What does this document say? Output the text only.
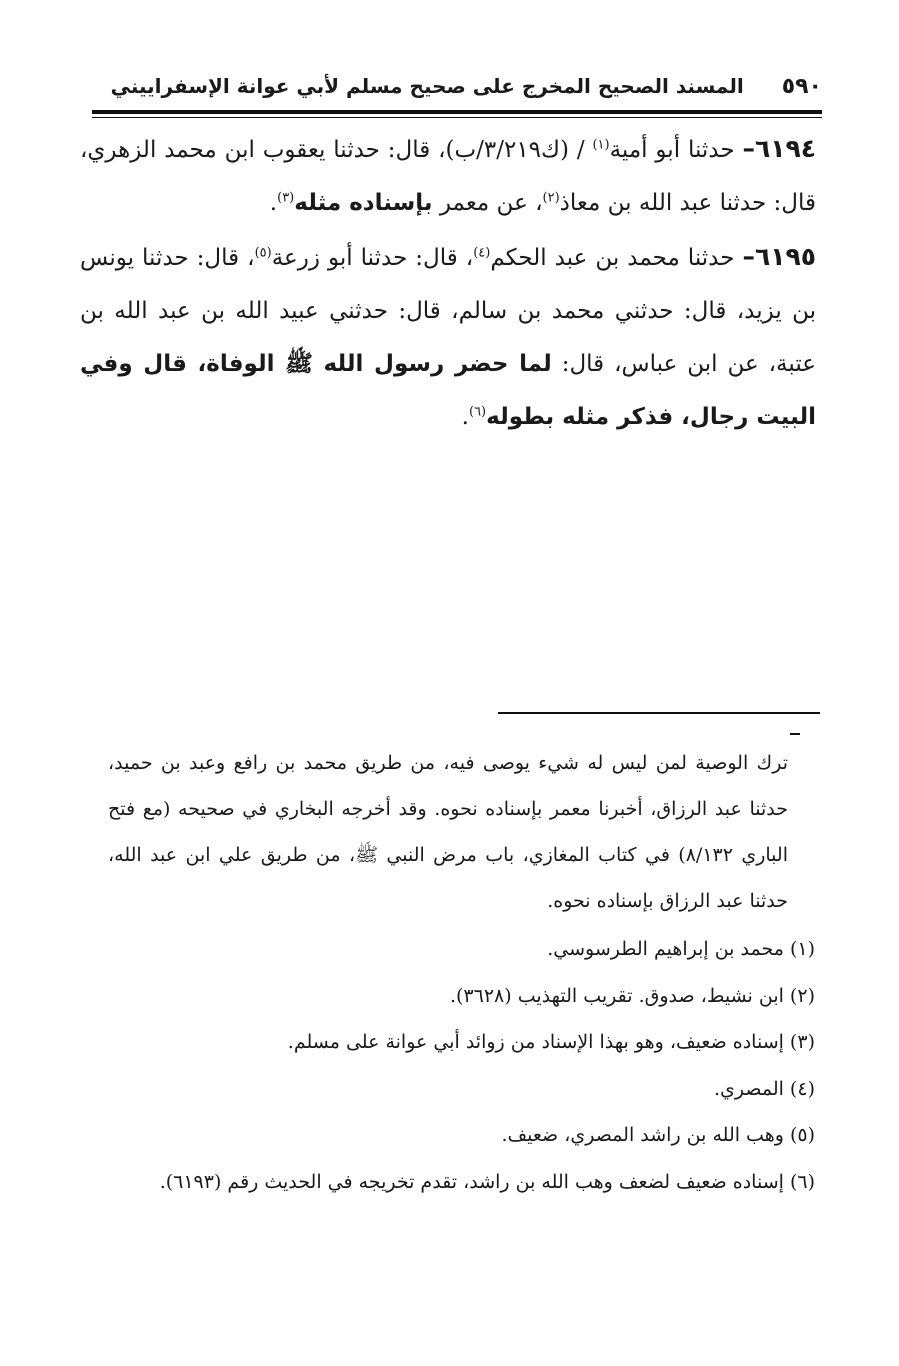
٥٩٠
المسند الصحيح المخرج على صحيح مسلم لأبي عوانة الإسفراييني

٦١٩٤– حدثنا أبو أمية$^{(١)}$ / (ك٣/٢١٩/ب)، قال: حدثنا يعقوب ابن محمد الزهري، قال: حدثنا عبد الله بن معاذ$^{(٢)}$، عن معمر بإسناده مثله$^{(٣)}$.

٦١٩٥– حدثنا محمد بن عبد الحكم$^{(٤)}$، قال: حدثنا أبو زرعة$^{(٥)}$، قال: حدثنا يونس بن يزيد، قال: حدثني محمد بن سالم، قال: حدثني عبيد الله بن عبد الله بن عتبة، عن ابن عباس، قال: لما حضر رسول الله ﷺ الوفاة، قال وفي البيت رجال، فذكر مثله بطوله$^{(٦)}$.

ترك الوصية لمن ليس له شيء يوصى فيه، من طريق محمد بن رافع وعبد بن حميد، حدثنا عبد الرزاق، أخبرنا معمر بإسناده نحوه. وقد أخرجه البخاري في صحيحه (مع فتح الباري ٨/١٣٢) في كتاب المغازي، باب مرض النبي ﷺ، من طريق علي ابن عبد الله، حدثنا عبد الرزاق بإسناده نحوه.

(١) محمد بن إبراهيم الطرسوسي.
(٢) ابن نشيط، صدوق. تقريب التهذيب (٣٦٢٨).
(٣) إسناده ضعيف، وهو بهذا الإسناد من زوائد أبي عوانة على مسلم.
(٤) المصري.
(٥) وهب الله بن راشد المصري، ضعيف.
(٦) إسناده ضعيف لضعف وهب الله بن راشد، تقدم تخريجه في الحديث رقم (٦١٩٣).
